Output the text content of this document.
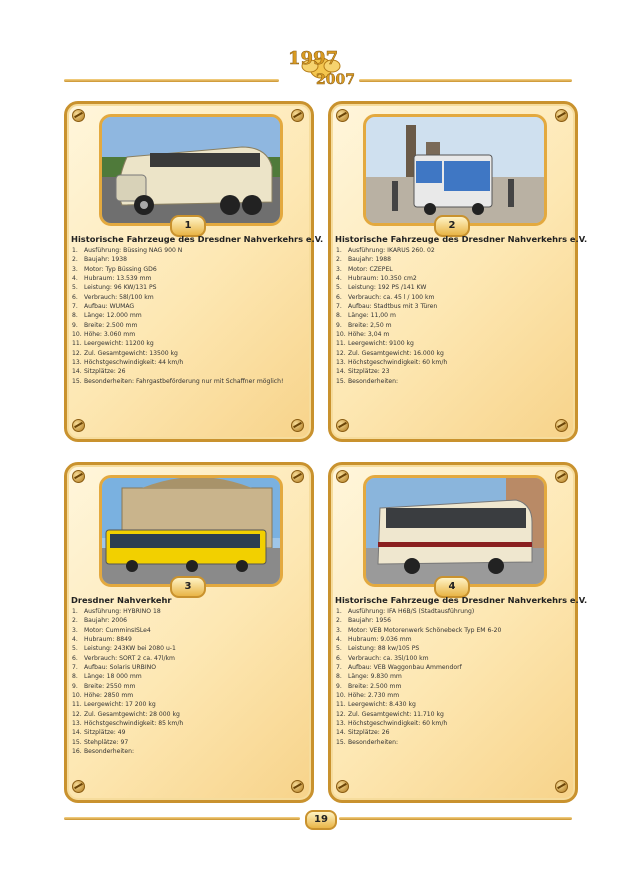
1997
2007
1
Historische Fahrzeuge des Dresdner Nahverkehrs e.V.
1. Ausführung: Büssing NAG 900 N
2. Baujahr: 1938
3. Motor: Typ Büssing GD6
4. Hubraum: 13.539 mm
5. Leistung: 96 KW/131 PS
6. Verbrauch: 58l/100 km
7. Aufbau: WUMAG
8. Länge: 12.000 mm
9. Breite: 2.500 mm
10. Höhe: 3.060 mm
11. Leergewicht: 11200 kg
12. Zul. Gesamtgewicht: 13500 kg
13. Höchstgeschwindigkeit: 44 km/h
14. Sitzplätze: 26
15. Besonderheiten: Fahrgastbeförderung nur mit Schaffner möglich!
2
Historische Fahrzeuge des Dresdner Nahverkehrs e.V.
1. Ausführung: IKARUS 260. 02
2. Baujahr: 1988
3. Motor: CZEPEL
4. Hubraum: 10.350 cm2
5. Leistung: 192 PS /141 KW
6. Verbrauch: ca. 45 l / 100 km
7. Aufbau: Stadtbus mit 3 Türen
8. Länge: 11,00 m
9. Breite: 2,50 m
10. Höhe: 3,04 m
11. Leergewicht: 9100 kg
12. Zul. Gesamtgewicht: 16.000 kg
13. Höchstgeschwindigkeit: 60 km/h
14. Sitzplätze: 23
15. Besonderheiten:
3
Dresdner Nahverkehr
1. Ausführung: HYBRINO 18
2. Baujahr: 2006
3. Motor: CumminsISLe4
4. Hubraum: 8849
5. Leistung: 243KW bei 2080 u-1
6. Verbrauch: SORT 2 ca. 47l/km
7. Aufbau: Solaris URBINO
8. Länge: 18 000 mm
9. Breite: 2550 mm
10. Höhe: 2850 mm
11. Leergewicht: 17 200 kg
12. Zul. Gesamtgewicht: 28 000 kg
13. Höchstgeschwindigkeit: 85 km/h
14. Sitzplätze: 49
15. Stehplätze: 97
16. Besonderheiten:
4
Historische Fahrzeuge des Dresdner Nahverkehrs e.V.
1. Ausführung: IFA H6B/S (Stadtausführung)
2. Baujahr: 1956
3. Motor: VEB Motorenwerk Schönebeck Typ EM 6-20
4. Hubraum: 9.036 mm
5. Leistung: 88 kw/105 PS
6. Verbrauch: ca. 35l/100 km
7. Aufbau: VEB Waggonbau Ammendorf
8. Länge: 9.830 mm
9. Breite: 2.500 mm
10. Höhe: 2.730 mm
11. Leergewicht: 8.430 kg
12. Zul. Gesamtgewicht: 11.710 kg
13. Höchstgeschwindigkeit: 60 km/h
14. Sitzplätze: 26
15. Besonderheiten:
19
